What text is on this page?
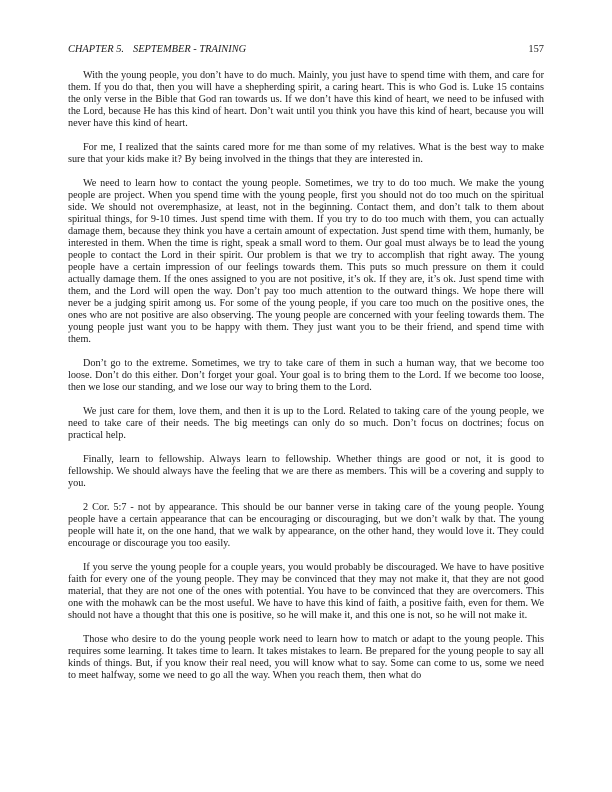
CHAPTER 5. SEPTEMBER - TRAINING	157

With the young people, you don’t have to do much. Mainly, you just have to spend time with them, and care for them. If you do that, then you will have a shepherding spirit, a caring heart. This is who God is. Luke 15 contains the only verse in the Bible that God ran towards us. If we don’t have this kind of heart, we need to be infused with the Lord, because He has this kind of heart. Don’t wait until you think you have this kind of heart, because you will never have this kind of heart.

For me, I realized that the saints cared more for me than some of my relatives. What is the best way to make sure that your kids make it? By being involved in the things that they are interested in.

We need to learn how to contact the young people. Sometimes, we try to do too much. We make the young people are project. When you spend time with the young people, first you should not do too much on the spiritual side. We should not overemphasize, at least, not in the beginning. Contact them, and don’t talk to them about spiritual things, for 9-10 times. Just spend time with them. If you try to do too much with them, you can actually damage them, because they think you have a certain amount of expectation. Just spend time with them, humanly, be interested in them. When the time is right, speak a small word to them. Our goal must always be to lead the young people to contact the Lord in their spirit. Our problem is that we try to accomplish that right away. The young people have a certain impression of our feelings towards them. This puts so much pressure on them it could actually damage them. If the ones assigned to you are not positive, it’s ok. If they are, it’s ok. Just spend time with them, and the Lord will open the way. Don’t pay too much attention to the outward things. We hope there will never be a judging spirit among us. For some of the young people, if you care too much on the positive ones, the ones who are not positive are also observing. The young people are concerned with your feeling towards them. The young people just want you to be happy with them. They just want you to be their friend, and spend time with them.

Don’t go to the extreme. Sometimes, we try to take care of them in such a human way, that we become too loose. Don’t do this either. Don’t forget your goal. Your goal is to bring them to the Lord. If we become too loose, then we lose our standing, and we lose our way to bring them to the Lord.

We just care for them, love them, and then it is up to the Lord. Related to taking care of the young people, we need to take care of their needs. The big meetings can only do so much. Don’t focus on doctrines; focus on practical help.

Finally, learn to fellowship. Always learn to fellowship. Whether things are good or not, it is good to fellowship. We should always have the feeling that we are there as members. This will be a covering and supply to you.

2 Cor. 5:7 - not by appearance. This should be our banner verse in taking care of the young people. Young people have a certain appearance that can be encouraging or discouraging, but we don’t walk by that. The young people will hate it, on the one hand, that we walk by appearance, on the other hand, they would love it. They could encourage or discourage you too easily.

If you serve the young people for a couple years, you would probably be discouraged. We have to have positive faith for every one of the young people. They may be convinced that they may not make it, that they are not good material, that they are not one of the ones with potential. You have to be convinced that they are overcomers. This one with the mohawk can be the most useful. We have to have this kind of faith, a positive faith, even for them. We should not have a thought that this one is positive, so he will make it, and this one is not, so he will not make it.

Those who desire to do the young people work need to learn how to match or adapt to the young people. This requires some learning. It takes time to learn. It takes mistakes to learn. Be prepared for the young people to say all kinds of things. But, if you know their real need, you will know what to say. Some can come to us, some we need to meet halfway, some we need to go all the way. When you reach them, then what do
